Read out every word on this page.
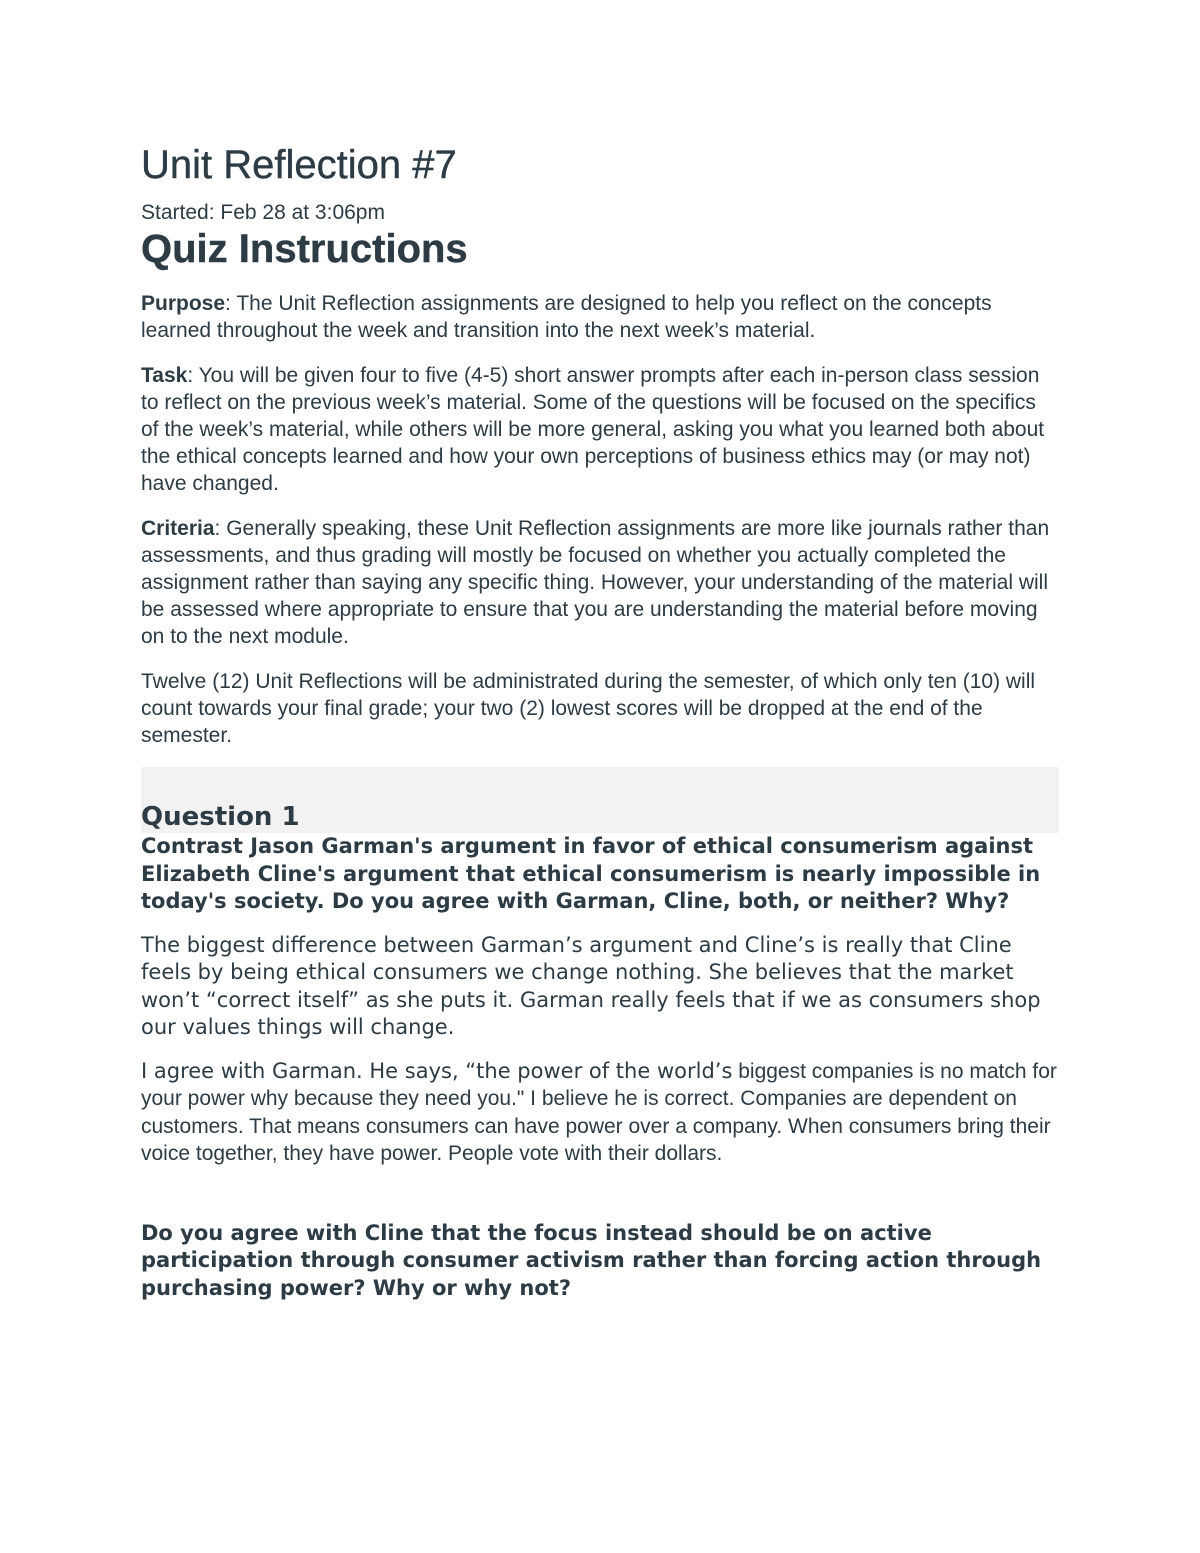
Unit Reflection #7
Started: Feb 28 at 3:06pm
Quiz Instructions

Purpose: The Unit Reflection assignments are designed to help you reflect on the concepts learned throughout the week and transition into the next week’s material.

Task: You will be given four to five (4-5) short answer prompts after each in-person class session to reflect on the previous week’s material. Some of the questions will be focused on the specifics of the week’s material, while others will be more general, asking you what you learned both about the ethical concepts learned and how your own perceptions of business ethics may (or may not) have changed.

Criteria: Generally speaking, these Unit Reflection assignments are more like journals rather than assessments, and thus grading will mostly be focused on whether you actually completed the assignment rather than saying any specific thing. However, your understanding of the material will be assessed where appropriate to ensure that you are understanding the material before moving on to the next module.

Twelve (12) Unit Reflections will be administrated during the semester, of which only ten (10) will count towards your final grade; your two (2) lowest scores will be dropped at the end of the semester.

Question 1

Contrast Jason Garman's argument in favor of ethical consumerism against Elizabeth Cline's argument that ethical consumerism is nearly impossible in today's society. Do you agree with Garman, Cline, both, or neither? Why?

The biggest difference between Garman’s argument and Cline’s is really that Cline feels by being ethical consumers we change nothing. She believes that the market won’t “correct itself” as she puts it. Garman really feels that if we as consumers shop our values things will change.

I agree with Garman. He says, “the power of the world’s biggest companies is no match for your power why because they need you." I believe he is correct. Companies are dependent on customers. That means consumers can have power over a company. When consumers bring their voice together, they have power. People vote with their dollars.

Do you agree with Cline that the focus instead should be on active participation through consumer activism rather than forcing action through purchasing power? Why or why not?
